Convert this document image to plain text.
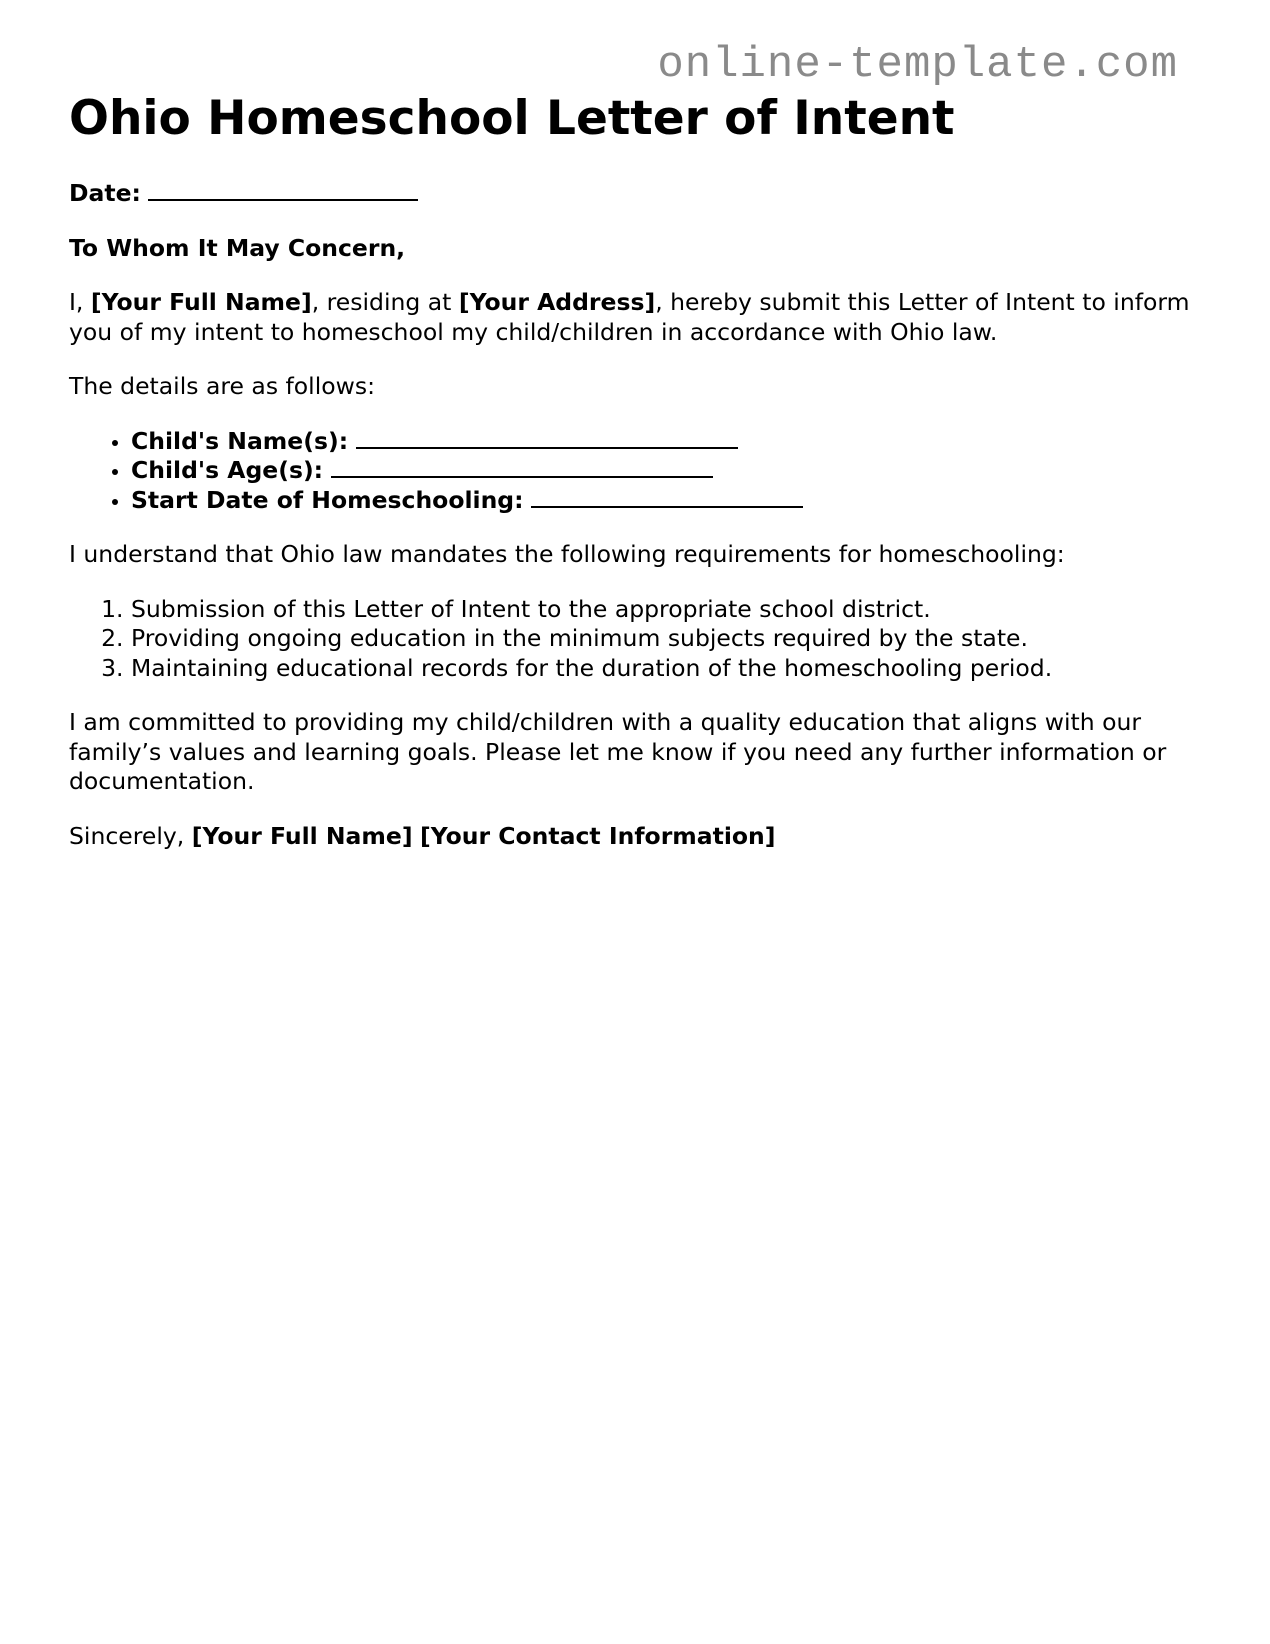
online-template.com
Ohio Homeschool Letter of Intent

Date:

To Whom It May Concern,

I, [Your Full Name], residing at [Your Address], hereby submit this Letter of Intent to inform you of my intent to homeschool my child/children in accordance with Ohio law.

The details are as follows:

• Child's Name(s):
• Child's Age(s):
• Start Date of Homeschooling:

I understand that Ohio law mandates the following requirements for homeschooling:

1. Submission of this Letter of Intent to the appropriate school district.
2. Providing ongoing education in the minimum subjects required by the state.
3. Maintaining educational records for the duration of the homeschooling period.

I am committed to providing my child/children with a quality education that aligns with our family’s values and learning goals. Please let me know if you need any further information or documentation.

Sincerely, [Your Full Name] [Your Contact Information]
